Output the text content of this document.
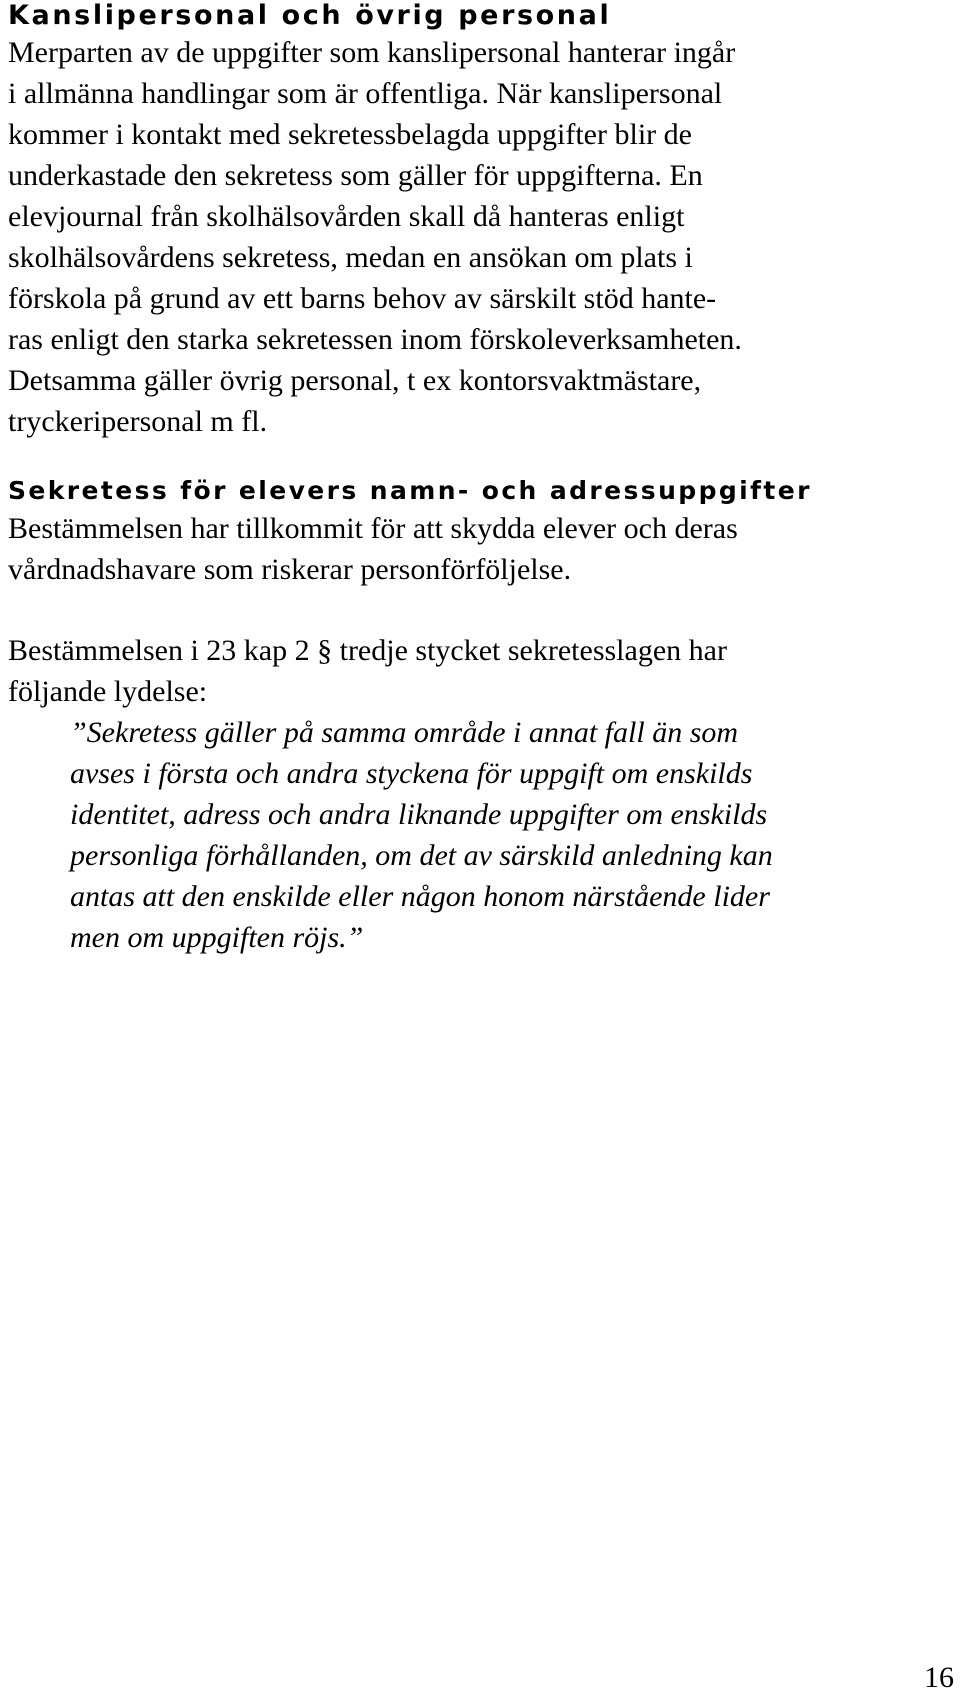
Kanslipersonal och övrig personal

Merparten av de uppgifter som kanslipersonal hanterar ingår
i allmänna handlingar som är offentliga. När kanslipersonal
kommer i kontakt med sekretessbelagda uppgifter blir de
underkastade den sekretess som gäller för uppgifterna. En
elevjournal från skolhälsovården skall då hanteras enligt
skolhälsovårdens sekretess, medan en ansökan om plats i
förskola på grund av ett barns behov av särskilt stöd hante-
ras enligt den starka sekretessen inom förskoleverksamheten.
Detsamma gäller övrig personal, t ex kontorsvaktmästare,
tryckeripersonal m fl.

Sekretess för elevers namn- och adressuppgifter

Bestämmelsen har tillkommit för att skydda elever och deras
vårdnadshavare som riskerar personförföljelse.

Bestämmelsen i 23 kap 2 § tredje stycket sekretesslagen har
följande lydelse:

”Sekretess gäller på samma område i annat fall än som
avses i första och andra styckena för uppgift om enskilds
identitet, adress och andra liknande uppgifter om enskilds
personliga förhållanden, om det av särskild anledning kan
antas att den enskilde eller någon honom närstående lider
men om uppgiften röjs.”
16
